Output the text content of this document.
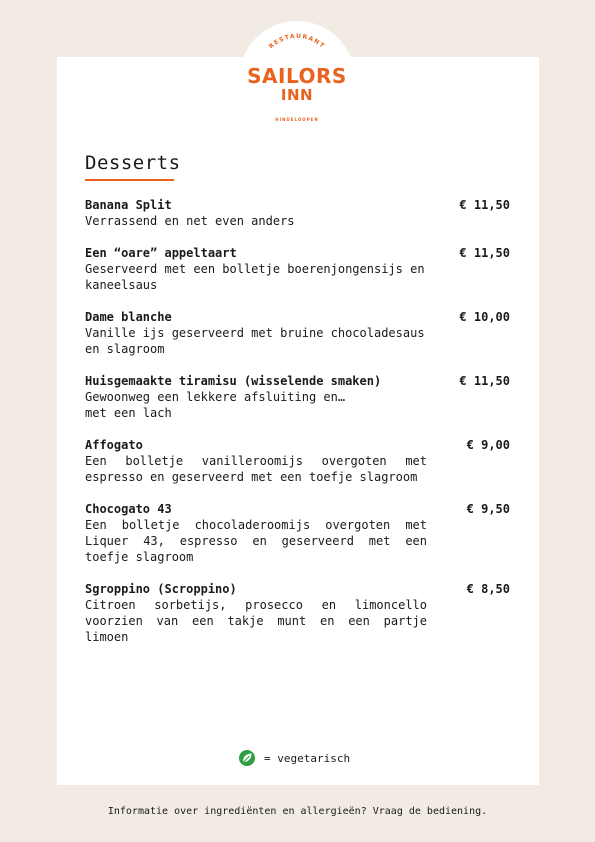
RESTAURANT
SAILORS
INN
HINDELOOPEN
Desserts
Banana Split	€ 11,50
Verrassend en net even anders
Een “oare” appeltaart	€ 11,50
Geserveerd met een bolletje boerenjongensijs en kaneelsaus
Dame blanche	€ 10,00
Vanille ijs geserveerd met bruine chocoladesaus en slagroom
Huisgemaakte tiramisu (wisselende smaken)	€ 11,50
Gewoonweg een lekkere afsluiting en…
met een lach
Affogato	€ 9,00
Een bolletje vanilleroomijs overgoten met espresso en geserveerd met een toefje slagroom
Chocogato 43	€ 9,50
Een bolletje chocoladeroomijs overgoten met Liquer 43, espresso en geserveerd met een toefje slagroom
Sgroppino (Scroppino)	€ 8,50
Citroen sorbetijs, prosecco en limoncello voorzien van een takje munt en een partje limoen
= vegetarisch
Informatie over ingrediënten en allergieën? Vraag de bediening.
